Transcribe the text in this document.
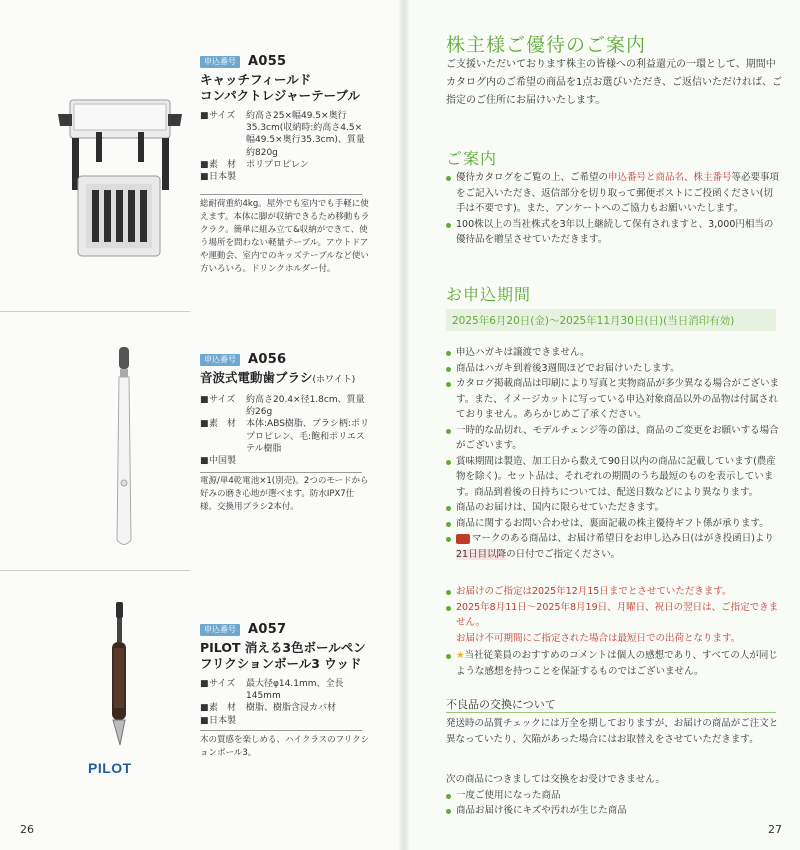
申込番号 A055
キャッチフィールド
コンパクトレジャーテーブル
■ サイズ	約高さ25×幅49.5×奥行35.3cm(収納時:約高さ4.5×幅49.5×奥行35.3cm)、質量約820g
■ 素　材	ポリプロピレン
■ 日本製
総耐荷重約4kg。屋外でも室内でも手軽に使えます。本体に脚が収納できるため移動もラクラク。簡単に組み立て&収納ができて、使う場所を問わない軽量テーブル。アウトドアや運動会、室内でのキッズテーブルなど使い方いろいろ。ドリンクホルダー付。
申込番号 A056
音波式電動歯ブラシ(ホワイト)
■ サイズ	約高さ20.4×径1.8cm、質量約26g
■ 素　材	本体:ABS樹脂、ブラシ柄:ポリプロピレン、毛:飽和ポリエステル樹脂
■ 中国製
電源/単4乾電池×1(別売)。2つのモードから好みの磨き心地が選べます。防水IPX7仕様。交換用ブラシ2本付。
PILOT
申込番号 A057
PILOT 消える3色ボールペン
フリクションボール3 ウッド
■ サイズ	最大径φ14.1mm、全長145mm
■ 素　材	樹脂、樹脂含浸カバ材
■ 日本製
木の質感を楽しめる、ハイクラスのフリクションボール3。
26
株主様ご優待のご案内
ご支援いただいております株主の皆様への利益還元の一環として、期間中カタログ内のご希望の商品を1点お選びいただき、ご返信いただければ、ご指定のご住所にお届けいたします。
ご案内
優待カタログをご覧の上、ご希望の申込番号と商品名、株主番号等必要事項をご記入いただき、返信部分を切り取って郵便ポストにご投函ください(切手は不要です)。また、アンケートへのご協力もお願いいたします。
100株以上の当社株式を3年以上継続して保有されますと、3,000円相当の優待品を贈呈させていただきます。
お申込期間
2025年6月20日(金)～2025年11月30日(日)(当日消印有効)
申込ハガキは譲渡できません。
商品はハガキ到着後3週間ほどでお届けいたします。
カタログ掲載商品は印刷により写真と実物商品が多少異なる場合がございます。また、イメージカットに写っている申込対象商品以外の品物は付属されておりません。あらかじめご了承ください。
一時的な品切れ、モデルチェンジ等の節は、商品のご変更をお願いする場合がございます。
賞味期間は製造、加工日から数えて90日以内の商品に記載しています(農産物を除く)。セット品は、それぞれの期間のうち最短のものを表示しています。商品到着後の日持ちについては、配送日数などにより異なります。
商品のお届けは、国内に限らせていただきます。
商品に関するお問い合わせは、裏面記載の株主優待ギフト係が承ります。
マークのある商品は、お届け希望日をお申し込み日(はがき投函日)より21日目以降の日付でご指定ください。
お届けのご指定は2025年12月15日までとさせていただきます。
2025年8月11日～2025年8月19日、月曜日、祝日の翌日は、ご指定できません。
お届け不可期間にご指定された場合は最短日での出荷となります。
★当社従業員のおすすめのコメントは個人の感想であり、すべての人が同じような感想を持つことを保証するものではございません。
不良品の交換について
発送時の品質チェックには万全を期しておりますが、お届けの商品がご注文と異なっていたり、欠陥があった場合にはお取替えをさせていただきます。
次の商品につきましては交換をお受けできません。
一度ご使用になった商品
商品お届け後にキズや汚れが生じた商品
27
